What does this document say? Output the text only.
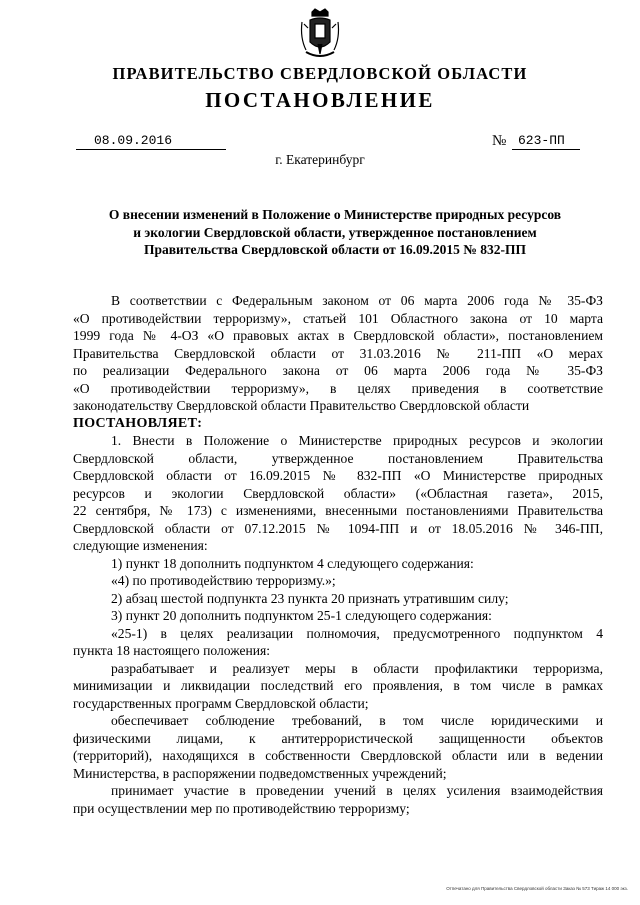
ПРАВИТЕЛЬСТВО СВЕРДЛОВСКОЙ ОБЛАСТИ
ПОСТАНОВЛЕНИЕ
08.09.2016	№ 623-ПП
г. Екатеринбург
О внесении изменений в Положение о Министерстве природных ресурсов
и экологии Свердловской области, утвержденное постановлением
Правительства Свердловской области от 16.09.2015 № 832-ПП
В соответствии с Федеральным законом от 06 марта 2006 года № 35-ФЗ
«О противодействии терроризму», статьей 101 Областного закона от 10 марта
1999 года № 4-ОЗ «О правовых актах в Свердловской области», постановлением
Правительства Свердловской области от 31.03.2016 № 211-ПП «О мерах
по реализации Федерального закона от 06 марта 2006 года № 35-ФЗ
«О противодействии терроризму», в целях приведения в соответствие
законодательству Свердловской области Правительство Свердловской области
ПОСТАНОВЛЯЕТ:
1. Внести в Положение о Министерстве природных ресурсов и экологии
Свердловской области, утвержденное постановлением Правительства
Свердловской области от 16.09.2015 № 832-ПП «О Министерстве природных
ресурсов и экологии Свердловской области» («Областная газета», 2015,
22 сентября, № 173) с изменениями, внесенными постановлениями Правительства
Свердловской области от 07.12.2015 № 1094-ПП и от 18.05.2016 № 346-ПП,
следующие изменения:
1) пункт 18 дополнить подпунктом 4 следующего содержания:
«4) по противодействию терроризму.»;
2) абзац шестой подпункта 23 пункта 20 признать утратившим силу;
3) пункт 20 дополнить подпунктом 25-1 следующего содержания:
«25-1) в целях реализации полномочия, предусмотренного подпунктом 4
пункта 18 настоящего положения:
разрабатывает и реализует меры в области профилактики терроризма,
минимизации и ликвидации последствий его проявления, в том числе в рамках
государственных программ Свердловской области;
обеспечивает соблюдение требований, в том числе юридическими и
физическими лицами, к антитеррористической защищенности объектов
(территорий), находящихся в собственности Свердловской области или в ведении
Министерства, в распоряжении подведомственных учреждений;
принимает участие в проведении учений в целях усиления взаимодействия
при осуществлении мер по противодействию терроризму;
Отпечатано для Правительства Свердловской области Заказ № 573 Тираж 14 000 экз.
